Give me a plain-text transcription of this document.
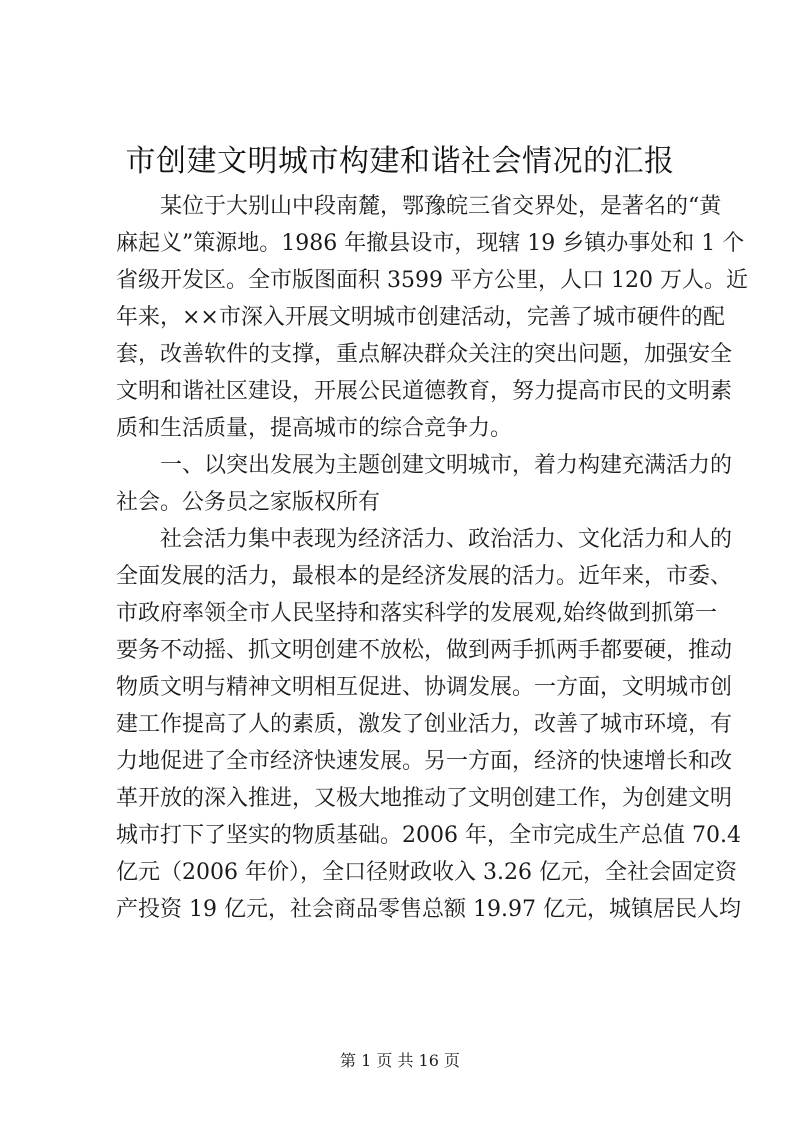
市创建文明城市构建和谐社会情况的汇报

某位于大别山中段南麓，鄂豫皖三省交界处，是著名的“黄
麻起义”策源地。1986 年撤县设市，现辖 19 乡镇办事处和 1 个
省级开发区。全市版图面积 3599 平方公里，人口 120 万人。近
年来，××市深入开展文明城市创建活动，完善了城市硬件的配
套，改善软件的支撑，重点解决群众关注的突出问题，加强安全
文明和谐社区建设，开展公民道德教育，努力提高市民的文明素
质和生活质量，提高城市的综合竞争力。

一、以突出发展为主题创建文明城市，着力构建充满活力的
社会。公务员之家版权所有

社会活力集中表现为经济活力、政治活力、文化活力和人的
全面发展的活力，最根本的是经济发展的活力。近年来，市委、
市政府率领全市人民坚持和落实科学的发展观,始终做到抓第一
要务不动摇、抓文明创建不放松，做到两手抓两手都要硬，推动
物质文明与精神文明相互促进、协调发展。一方面，文明城市创
建工作提高了人的素质，激发了创业活力，改善了城市环境，有
力地促进了全市经济快速发展。另一方面，经济的快速增长和改
革开放的深入推进，又极大地推动了文明创建工作，为创建文明
城市打下了坚实的物质基础。2006 年，全市完成生产总值 70.4
亿元（2006 年价），全口径财政收入 3.26 亿元，全社会固定资
产投资 19 亿元，社会商品零售总额 19.97 亿元，城镇居民人均

第 1 页 共 16 页
